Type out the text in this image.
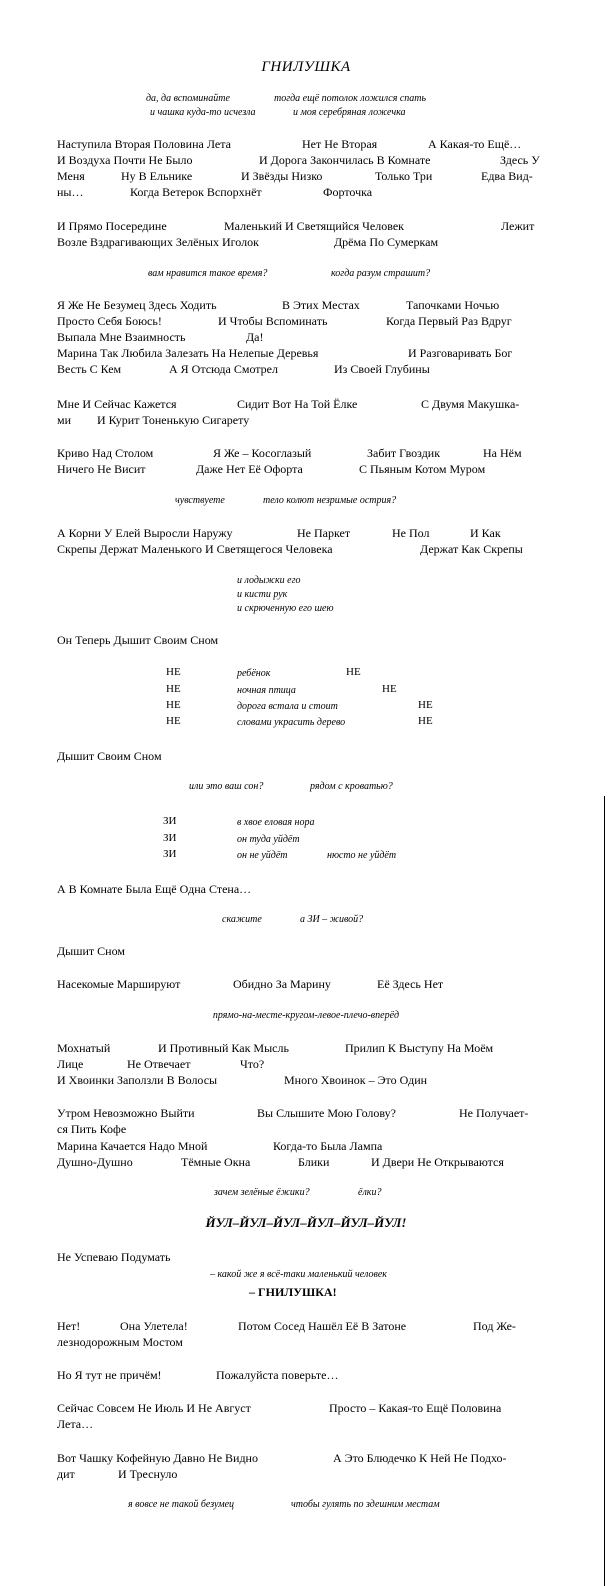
ГНИЛУШКА
да, да вспоминайте	тогда ещё потолок ложился спать
и чашка куда-то исчезла	и моя серебряная ложечка
Наступила Вторая Половина Лета	Нет Не Вторая	А Какая-то Ещё…
И Воздуха Почти Не Было	И Дорога Закончилась В Комнате	Здесь У
Меня	Ну В Ельнике	И Звёзды Низко	Только Три	Едва Вид-
ны…	Когда Ветерок Вспорхнёт	Форточка
И Прямо Посередине	Маленький И Светящийся Человек	Лежит
Возле Вздрагивающих Зелёных Иголок	Дрёма По Сумеркам
вам нравится такое время?	когда разум страшит?
Я Же Не Безумец Здесь Ходить	В Этих Местах	Тапочками Ночью
Просто Себя Боюсь!	И Чтобы Вспоминать	Когда Первый Раз Вдруг
Выпала Мне Взаимность	Да!
Марина Так Любила Залезать На Нелепые Деревья	И Разговаривать Бог
Весть С Кем	А Я Отсюда Смотрел	Из Своей Глубины
Мне И Сейчас Кажется	Сидит Вот На Той Ёлке	С Двумя Макушка-
ми И Курит Тоненькую Сигарету
Криво Над Столом	Я Же – Косоглазый	Забит Гвоздик	На Нём
Ничего Не Висит	Даже Нет Её Офорта	С Пьяным Котом Муром
чувствуете	тело колют незримые острия?
А Корни У Елей Выросли Наружу	Не Паркет	Не Пол	И Как
Скрепы Держат Маленького И Светящегося Человека	Держат Как Скрепы
и лодыжки его
и кисти рук
и скрюченную его шею
Он Теперь Дышит Своим Сном
НЕ	ребёнок	НЕ
НЕ	ночная птица	НЕ
НЕ	дорога встала и стоит	НЕ
НЕ	словами украсить дерево	НЕ
Дышит Своим Сном
или это ваш сон?	рядом с кроватью?
ЗИ	в хвое еловая нора
ЗИ	он туда уйдёт
ЗИ	он не уйдёт	нюсто не уйдёт
А В Комнате Была Ещё Одна Стена…
скажите	а ЗИ – живой?
Дышит Сном
Насекомые Маршируют	Обидно За Марину	Её Здесь Нет
прямо-на-месте-кругом-левое-плечо-вперёд
Мохнатый	И Противный Как Мысль	Прилип К Выступу На Моём
Лице	Не Отвечает	Что?
И Хвоинки Заползли В Волосы	Много Хвоинок – Это Один
Утром Невозможно Выйти	Вы Слышите Мою Голову?	Не Получает-
ся Пить Кофе
Марина Качается Надо Мной	Когда-то Была Лампа
Душно-Душно	Тёмные Окна	Блики	И Двери Не Открываются
зачем зелёные ёжики?	ёлки?
ЙУЛ–ЙУЛ–ЙУЛ–ЙУЛ–ЙУЛ–ЙУЛ!
Не Успеваю Подумать
– какой же я всё-таки маленький человек
– ГНИЛУШКА!
Нет!	Она Улетела!	Потом Сосед Нашёл Её В Затоне	Под Же-
лезнодорожным Мостом
Но Я тут не причём!	Пожалуйста поверьте…
Сейчас Совсем Не Июль И Не Август	Просто – Какая-то Ещё Половина
Лета…
Вот Чашку Кофейную Давно Не Видно	А Это Блюдечко К Ней Не Подхо-
дит	И Треснуло
я вовсе не такой безумец	чтобы гулять по здешним местам
